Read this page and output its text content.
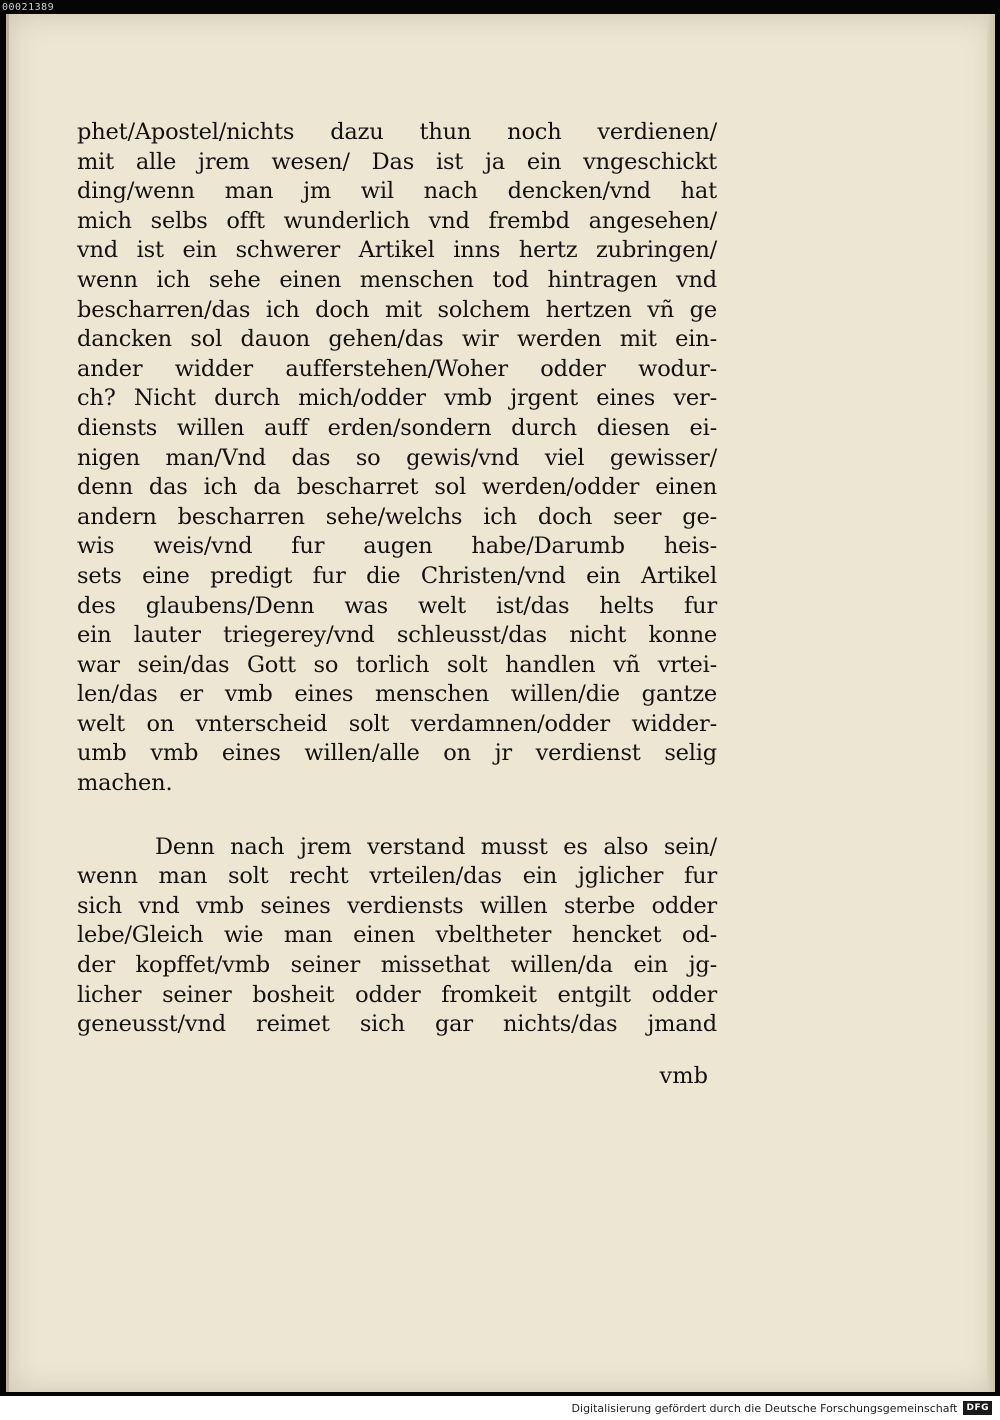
00021389
phet/Apostel/nichts dazu thun noch verdienen/
mit alle jrem wesen/ Das ist ja ein vngeschickt
ding/wenn man jm wil nach dencken/vnd hat
mich selbs offt wunderlich vnd frembd angesehen/
vnd ist ein schwerer Artikel inns hertz zubringen/
wenn ich sehe einen menschen tod hintragen vnd
bescharren/das ich doch mit solchem hertzen vñ ge
dancken sol dauon gehen/das wir werden mit ein-
ander widder aufferstehen/Woher odder wodur-
ch? Nicht durch mich/odder vmb jrgent eines ver-
diensts willen auff erden/sondern durch diesen ei-
nigen man/Vnd das so gewis/vnd viel gewisser/
denn das ich da bescharret sol werden/odder einen
andern bescharren sehe/welchs ich doch seer ge-
wis weis/vnd fur augen habe/Darumb heis-
sets eine predigt fur die Christen/vnd ein Artikel
des glaubens/Denn was welt ist/das helts fur
ein lauter triegerey/vnd schleusst/das nicht konne
war sein/das Gott so torlich solt handlen vñ vrtei-
len/das er vmb eines menschen willen/die gantze
welt on vnterscheid solt verdamnen/odder widder-
umb vmb eines willen/alle on jr verdienst selig
machen.
Denn nach jrem verstand musst es also sein/
wenn man solt recht vrteilen/das ein jglicher fur
sich vnd vmb seines verdiensts willen sterbe odder
lebe/Gleich wie man einen vbeltheter hencket od-
der kopffet/vmb seiner missethat willen/da ein jg-
licher seiner bosheit odder fromkeit entgilt odder
geneusst/vnd reimet sich gar nichts/das jmand
vmb
Digitalisierung gefördert durch die Deutsche Forschungsgemeinschaft	DFG
